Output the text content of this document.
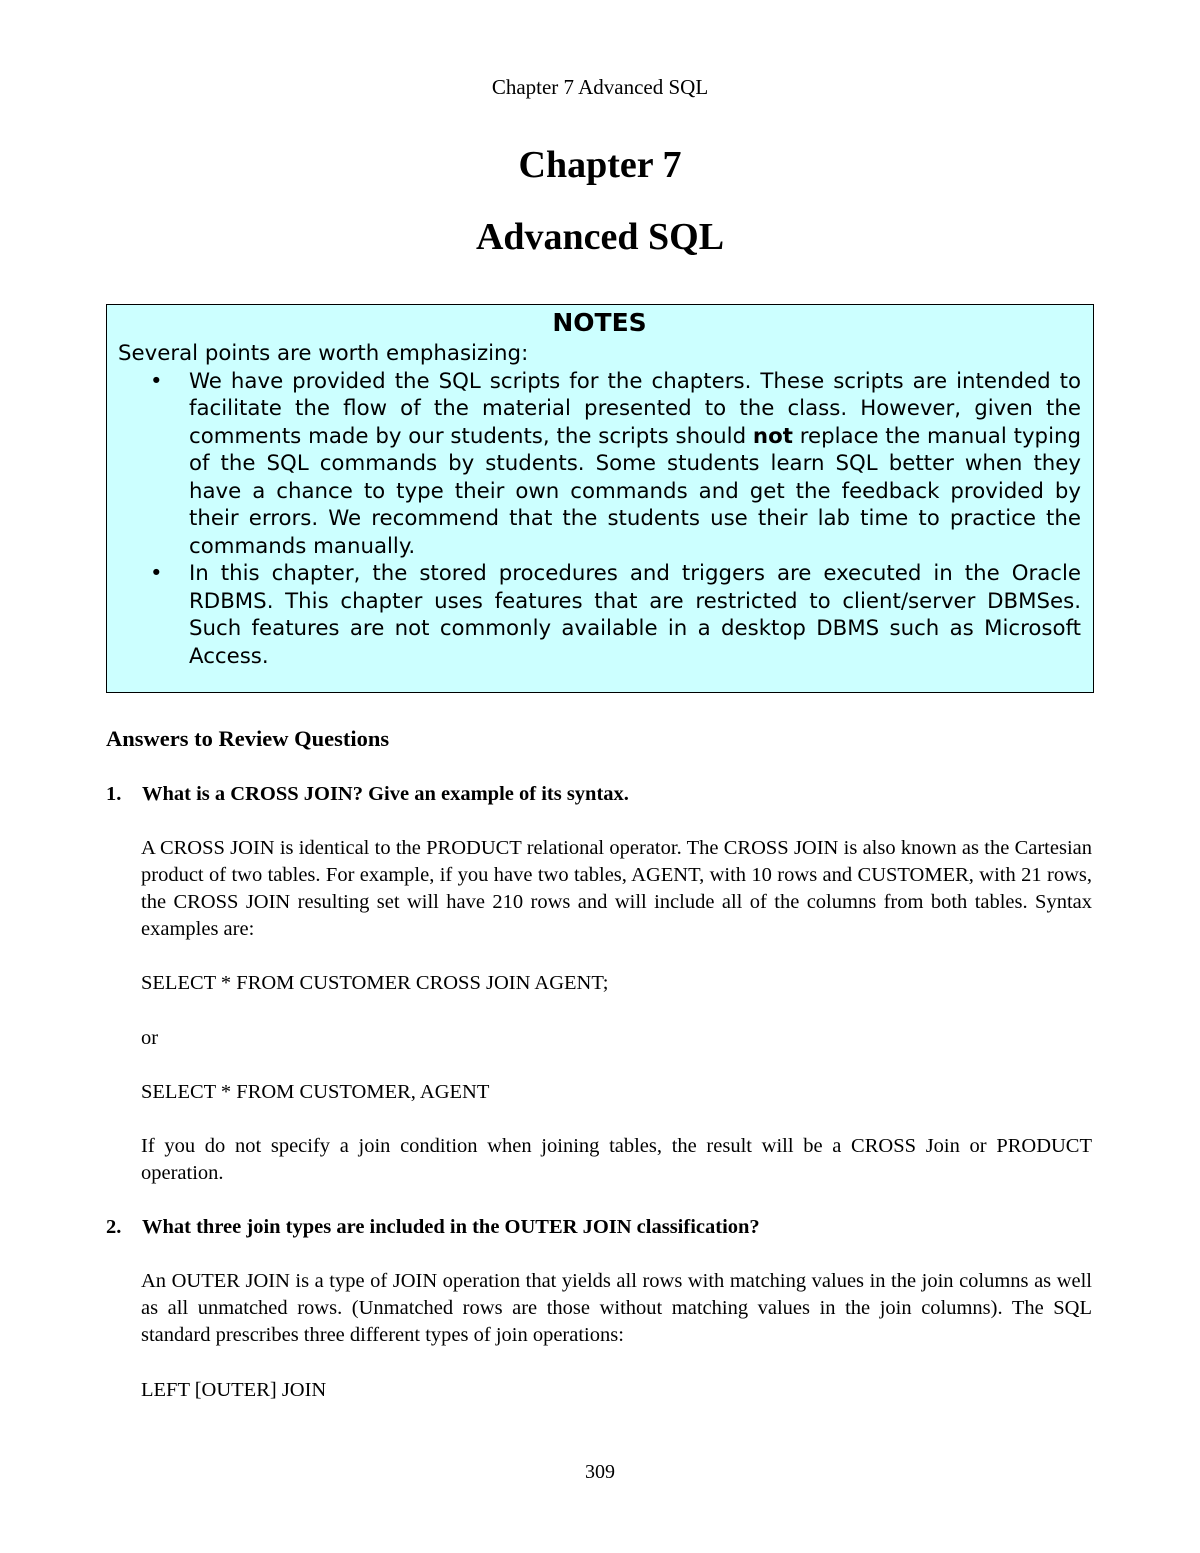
Chapter 7 Advanced SQL
Chapter 7
Advanced SQL
NOTES

Several points are worth emphasizing:

• We have provided the SQL scripts for the chapters. These scripts are intended to facilitate the flow of the material presented to the class. However, given the comments made by our students, the scripts should not replace the manual typing of the SQL commands by students. Some students learn SQL better when they have a chance to type their own commands and get the feedback provided by their errors. We recommend that the students use their lab time to practice the commands manually.
• In this chapter, the stored procedures and triggers are executed in the Oracle RDBMS. This chapter uses features that are restricted to client/server DBMSes. Such features are not commonly available in a desktop DBMS such as Microsoft Access.
Answers to Review Questions
1. What is a CROSS JOIN? Give an example of its syntax.

A CROSS JOIN is identical to the PRODUCT relational operator. The CROSS JOIN is also known as the Cartesian product of two tables. For example, if you have two tables, AGENT, with 10 rows and CUSTOMER, with 21 rows, the CROSS JOIN resulting set will have 210 rows and will include all of the columns from both tables. Syntax examples are:

SELECT * FROM CUSTOMER CROSS JOIN AGENT;
or
SELECT * FROM CUSTOMER, AGENT

If you do not specify a join condition when joining tables, the result will be a CROSS Join or PRODUCT operation.

2. What three join types are included in the OUTER JOIN classification?

An OUTER JOIN is a type of JOIN operation that yields all rows with matching values in the join columns as well as all unmatched rows. (Unmatched rows are those without matching values in the join columns). The SQL standard prescribes three different types of join operations:

LEFT [OUTER] JOIN
309
